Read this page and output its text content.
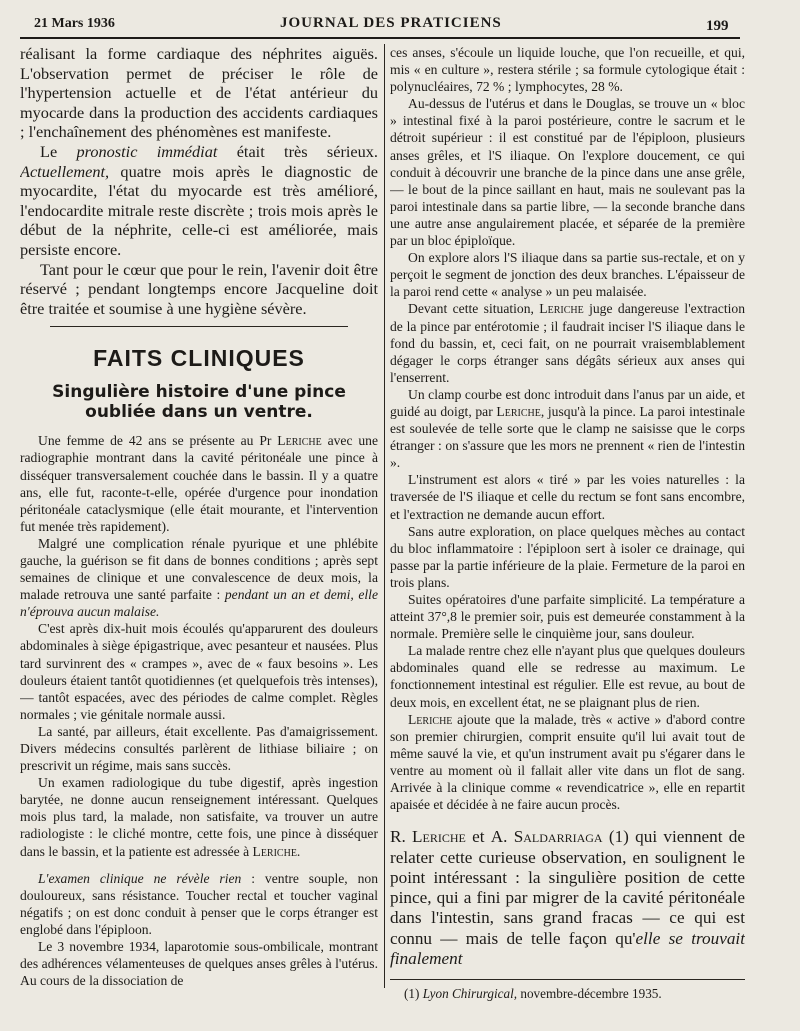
21 Mars 1936	JOURNAL DES PRATICIENS	199

réalisant la forme cardiaque des néphrites aiguës. L'observation permet de préciser le rôle de l'hypertension actuelle et de l'état antérieur du myocarde dans la production des accidents cardiaques ; l'enchaînement des phénomènes est manifeste.

Le pronostic immédiat était très sérieux. Actuellement, quatre mois après le diagnostic de myocardite, l'état du myocarde est très amélioré, l'endocardite mitrale reste discrète ; trois mois après le début de la néphrite, celle-ci est améliorée, mais persiste encore.

Tant pour le cœur que pour le rein, l'avenir doit être réservé ; pendant longtemps encore Jacqueline doit être traitée et soumise à une hygiène sévère.

FAITS CLINIQUES
Singulière histoire d'une pince
oubliée dans un ventre.

Une femme de 42 ans se présente au Pr Leriche avec une radiographie montrant dans la cavité péritonéale une pince à disséquer transversalement couchée dans le bassin. Il y a quatre ans, elle fut, raconte-t-elle, opérée d'urgence pour inondation péritonéale cataclysmique (elle était mourante, et l'intervention fut menée très rapidement).

Malgré une complication rénale pyurique et une phlébite gauche, la guérison se fit dans de bonnes conditions ; après sept semaines de clinique et une convalescence de deux mois, la malade retrouva une santé parfaite : pendant un an et demi, elle n'éprouva aucun malaise.

C'est après dix-huit mois écoulés qu'apparurent des douleurs abdominales à siège épigastrique, avec pesanteur et nausées. Plus tard survinrent des « crampes », avec de « faux besoins ». Les douleurs étaient tantôt quotidiennes (et quelquefois très intenses), — tantôt espacées, avec des périodes de calme complet. Règles normales ; vie génitale normale aussi.

La santé, par ailleurs, était excellente. Pas d'amaigrissement. Divers médecins consultés parlèrent de lithiase biliaire ; on prescrivit un régime, mais sans succès.

Un examen radiologique du tube digestif, après ingestion barytée, ne donne aucun renseignement intéressant. Quelques mois plus tard, la malade, non satisfaite, va trouver un autre radiologiste : le cliché montre, cette fois, une pince à disséquer dans le bassin, et la patiente est adressée à Leriche.

L'examen clinique ne révèle rien : ventre souple, non douloureux, sans résistance. Toucher rectal et toucher vaginal négatifs ; on est donc conduit à penser que le corps étranger est englobé dans l'épiploon.

Le 3 novembre 1934, laparotomie sous-ombilicale, montrant des adhérences vélamenteuses de quelques anses grêles à l'utérus. Au cours de la dissociation de

ces anses, s'écoule un liquide louche, que l'on recueille, et qui, mis « en culture », restera stérile ; sa formule cytologique était : polynucléaires, 72 % ; lymphocytes, 28 %.

Au-dessus de l'utérus et dans le Douglas, se trouve un « bloc » intestinal fixé à la paroi postérieure, contre le sacrum et le détroit supérieur : il est constitué par de l'épiploon, plusieurs anses grêles, et l'S iliaque. On l'explore doucement, ce qui conduit à découvrir une branche de la pince dans une anse grêle, — le bout de la pince saillant en haut, mais ne soulevant pas la paroi intestinale dans sa partie libre, — la seconde branche dans une autre anse angulairement placée, et séparée de la première par un bloc épiploïque.

On explore alors l'S iliaque dans sa partie sus-rectale, et on y perçoit le segment de jonction des deux branches. L'épaisseur de la paroi rend cette « analyse » un peu malaisée.

Devant cette situation, Leriche juge dangereuse l'extraction de la pince par entérotomie ; il faudrait inciser l'S iliaque dans le fond du bassin, et, ceci fait, on ne pourrait vraisemblablement dégager le corps étranger sans dégâts sérieux aux anses qui l'enserrent.

Un clamp courbe est donc introduit dans l'anus par un aide, et guidé au doigt, par Leriche, jusqu'à la pince. La paroi intestinale est soulevée de telle sorte que le clamp ne saisisse que le corps étranger : on s'assure que les mors ne prennent « rien de l'intestin ».

L'instrument est alors « tiré » par les voies naturelles : la traversée de l'S iliaque et celle du rectum se font sans encombre, et l'extraction ne demande aucun effort.

Sans autre exploration, on place quelques mèches au contact du bloc inflammatoire : l'épiploon sert à isoler ce drainage, qui passe par la partie inférieure de la plaie. Fermeture de la paroi en trois plans.

Suites opératoires d'une parfaite simplicité. La température a atteint 37°,8 le premier soir, puis est demeurée constamment à la normale. Première selle le cinquième jour, sans douleur.

La malade rentre chez elle n'ayant plus que quelques douleurs abdominales quand elle se redresse au maximum. Le fonctionnement intestinal est régulier. Elle est revue, au bout de deux mois, en excellent état, ne se plaignant plus de rien.

Leriche ajoute que la malade, très « active » d'abord contre son premier chirurgien, comprit ensuite qu'il lui avait tout de même sauvé la vie, et qu'un instrument avait pu s'égarer dans le ventre au moment où il fallait aller vite dans un flot de sang. Arrivée à la clinique comme « revendicatrice », elle en repartit apaisée et décidée à ne faire aucun procès.

R. Leriche et A. Saldarriaga (1) qui viennent de relater cette curieuse observation, en soulignent le point intéressant : la singulière position de cette pince, qui a fini par migrer de la cavité péritonéale dans l'intestin, sans grand fracas — ce qui est connu — mais de telle façon qu'elle se trouvait finalement

(1) Lyon Chirurgical, novembre-décembre 1935.
